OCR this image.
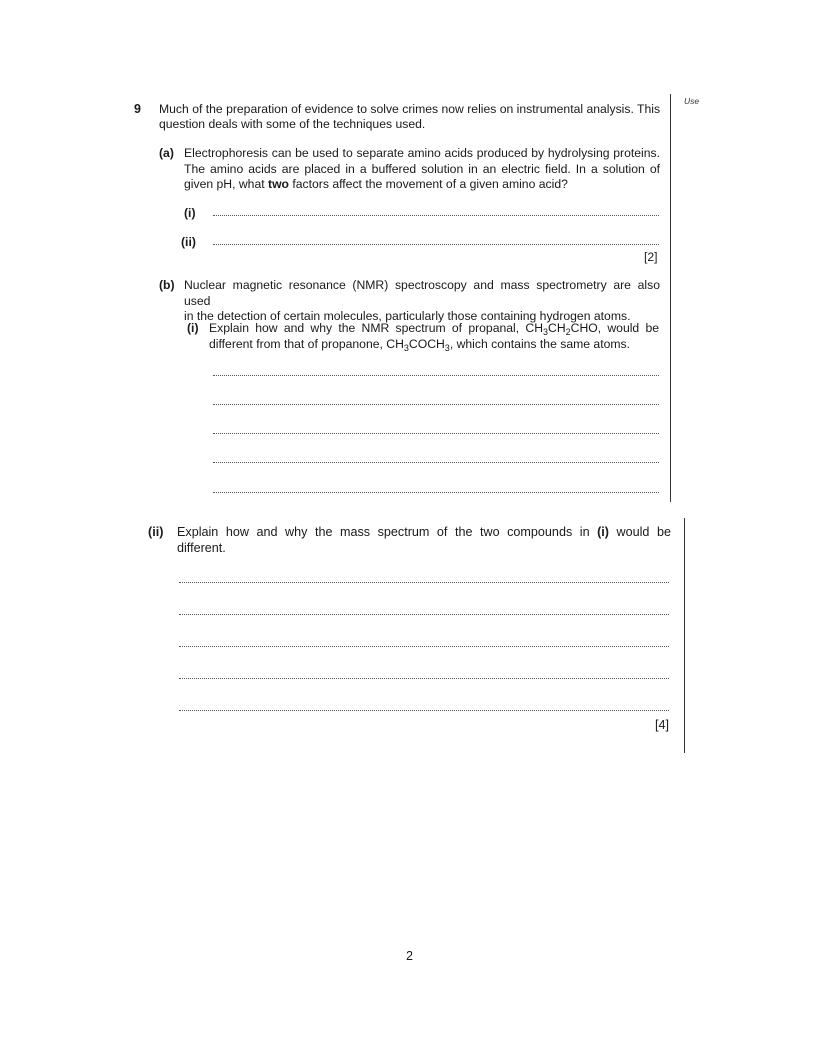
Use
9 Much of the preparation of evidence to solve crimes now relies on instrumental analysis. This
question deals with some of the techniques used.
(a) Electrophoresis can be used to separate amino acids produced by hydrolysing proteins.
The amino acids are placed in a buffered solution in an electric field. In a solution of
given pH, what two factors affect the movement of a given amino acid?
(i)
(ii)
[2]
(b) Nuclear magnetic resonance (NMR) spectroscopy and mass spectrometry are also used
in the detection of certain molecules, particularly those containing hydrogen atoms.
(i) Explain how and why the NMR spectrum of propanal, $CH_3CH_2CHO$, would be
different from that of propanone, $CH_3COCH_3$, which contains the same atoms.
(ii) Explain how and why the mass spectrum of the two compounds in (i) would be
different.
[4]
2
